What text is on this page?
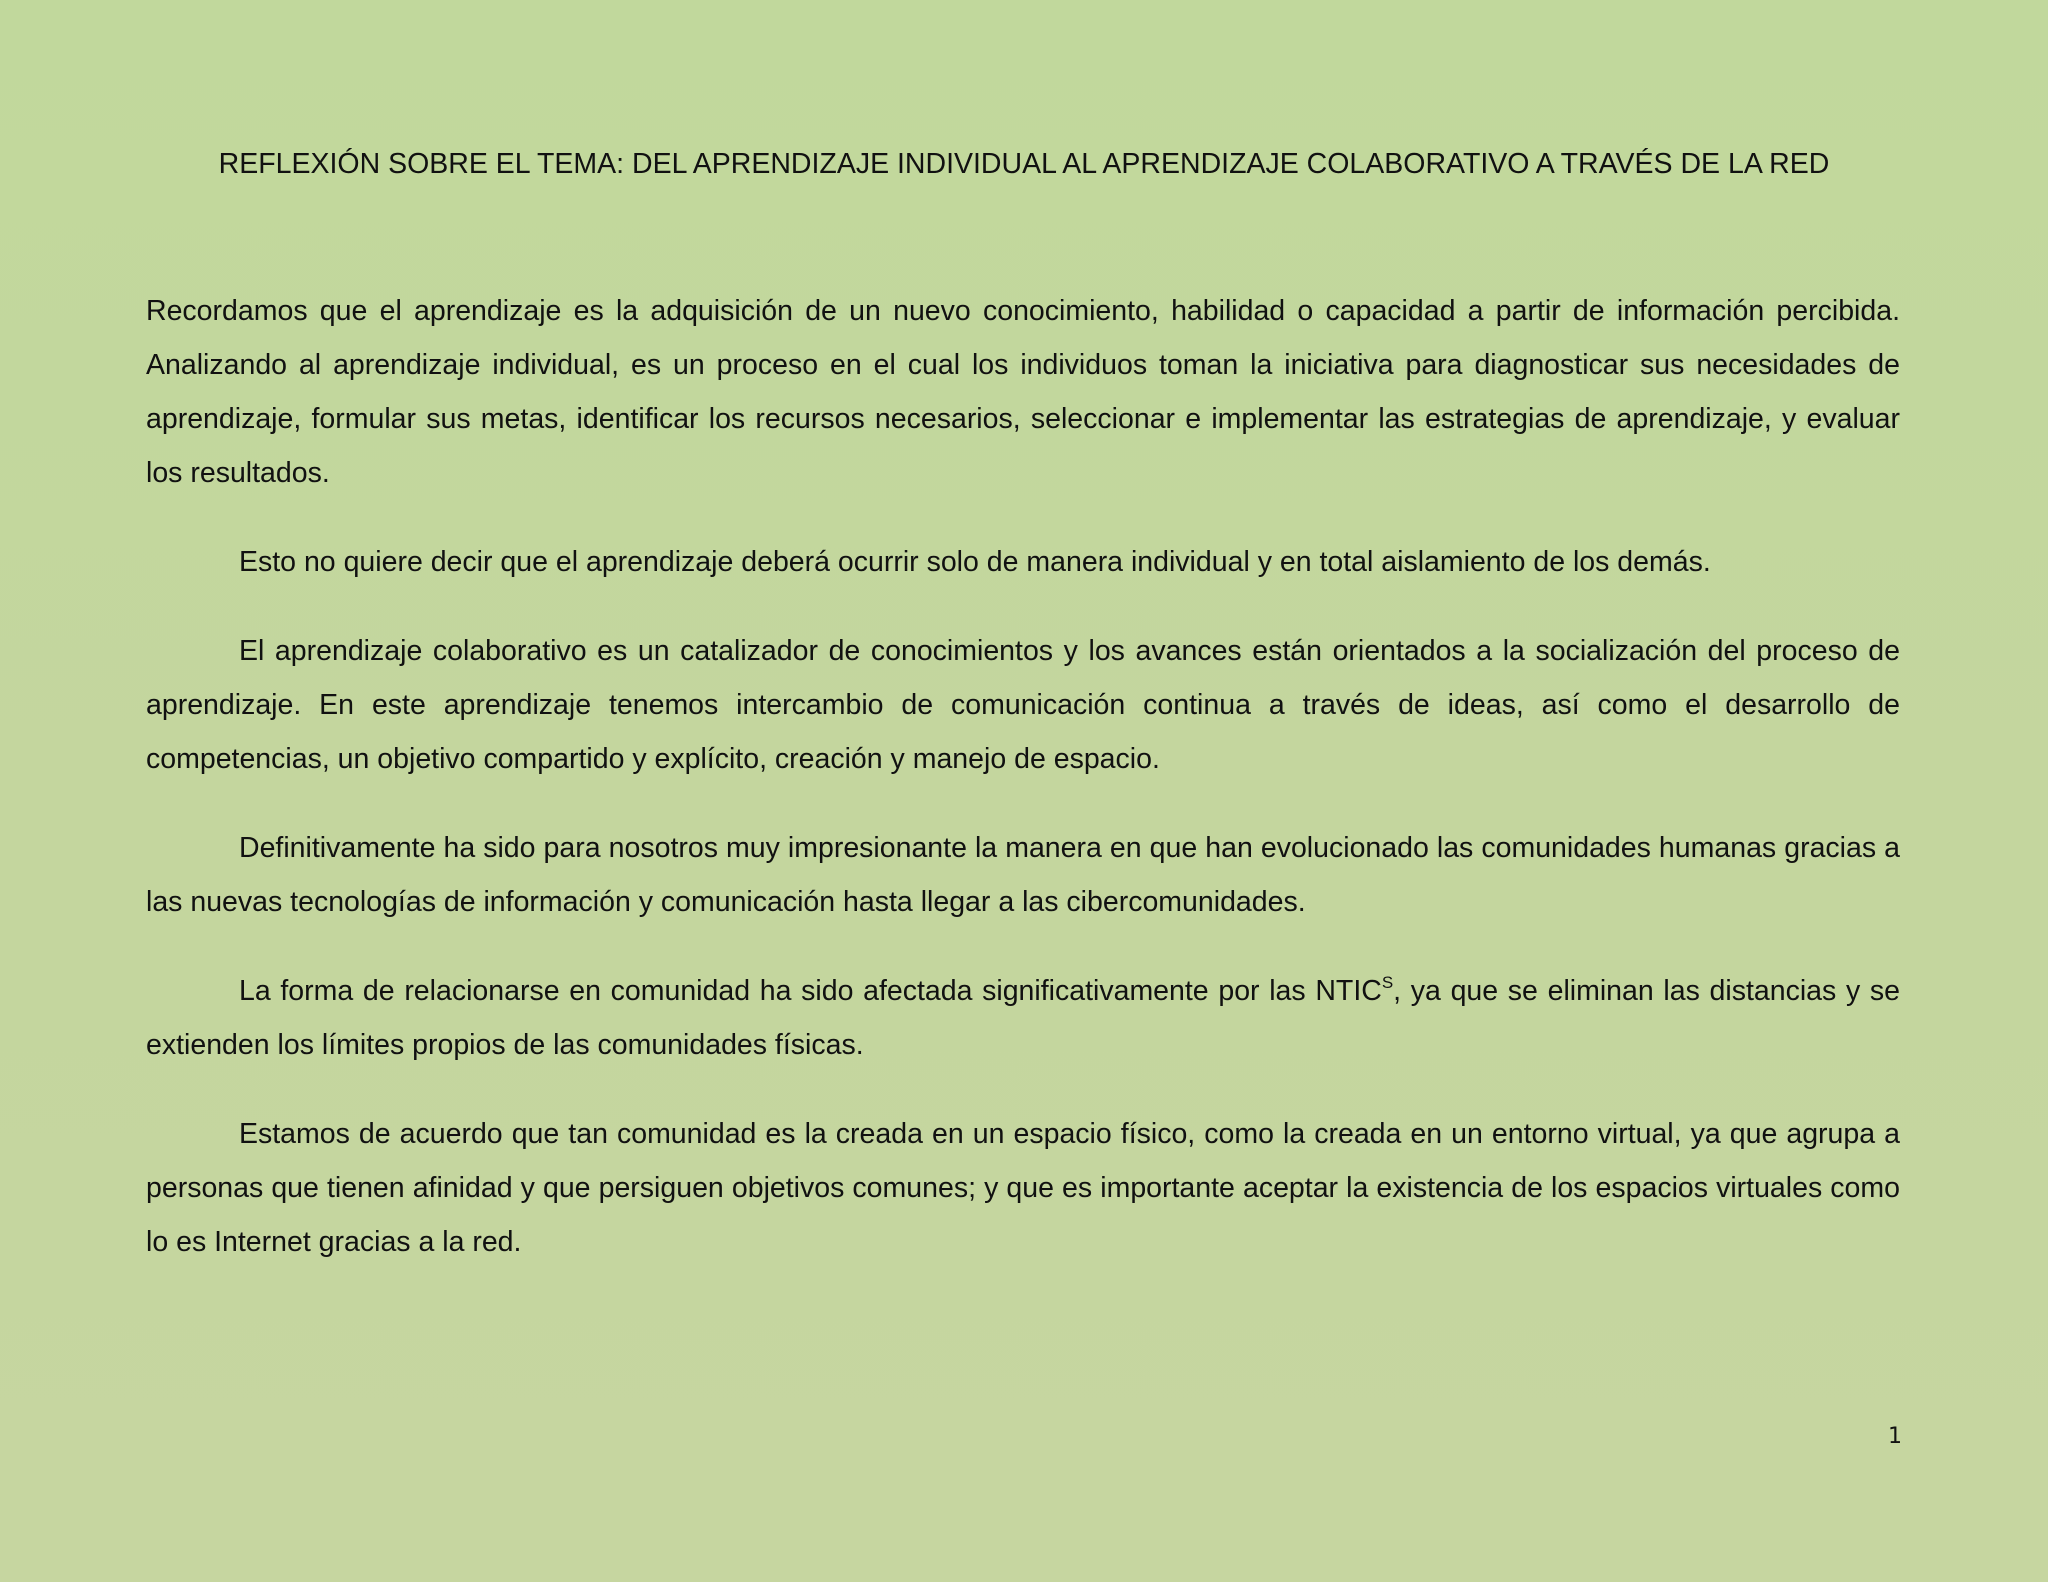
REFLEXIÓN SOBRE EL TEMA: DEL APRENDIZAJE INDIVIDUAL AL APRENDIZAJE COLABORATIVO A TRAVÉS DE LA RED

Recordamos que el aprendizaje es la adquisición de un nuevo conocimiento, habilidad o capacidad a partir de información percibida. Analizando al aprendizaje individual, es un proceso en el cual los individuos toman la iniciativa para diagnosticar sus necesidades de aprendizaje, formular sus metas, identificar los recursos necesarios, seleccionar e implementar las estrategias de aprendizaje, y evaluar los resultados.

Esto no quiere decir que el aprendizaje deberá ocurrir solo de manera individual y en total aislamiento de los demás.

El aprendizaje colaborativo es un catalizador de conocimientos y los avances están orientados a la socialización del proceso de aprendizaje. En este aprendizaje tenemos intercambio de comunicación continua a través de ideas, así como el desarrollo de competencias, un objetivo compartido y explícito, creación y manejo de espacio.

Definitivamente ha sido para nosotros muy impresionante la manera en que han evolucionado las comunidades humanas gracias a las nuevas tecnologías de información y comunicación hasta llegar a las cibercomunidades.

La forma de relacionarse en comunidad ha sido afectada significativamente por las $NTIC^S$, ya que se eliminan las distancias y se extienden los límites propios de las comunidades físicas.

Estamos de acuerdo que tan comunidad es la creada en un espacio físico, como la creada en un entorno virtual, ya que agrupa a personas que tienen afinidad y que persiguen objetivos comunes; y que es importante aceptar la existencia de los espacios virtuales como lo es Internet gracias a la red.

1
